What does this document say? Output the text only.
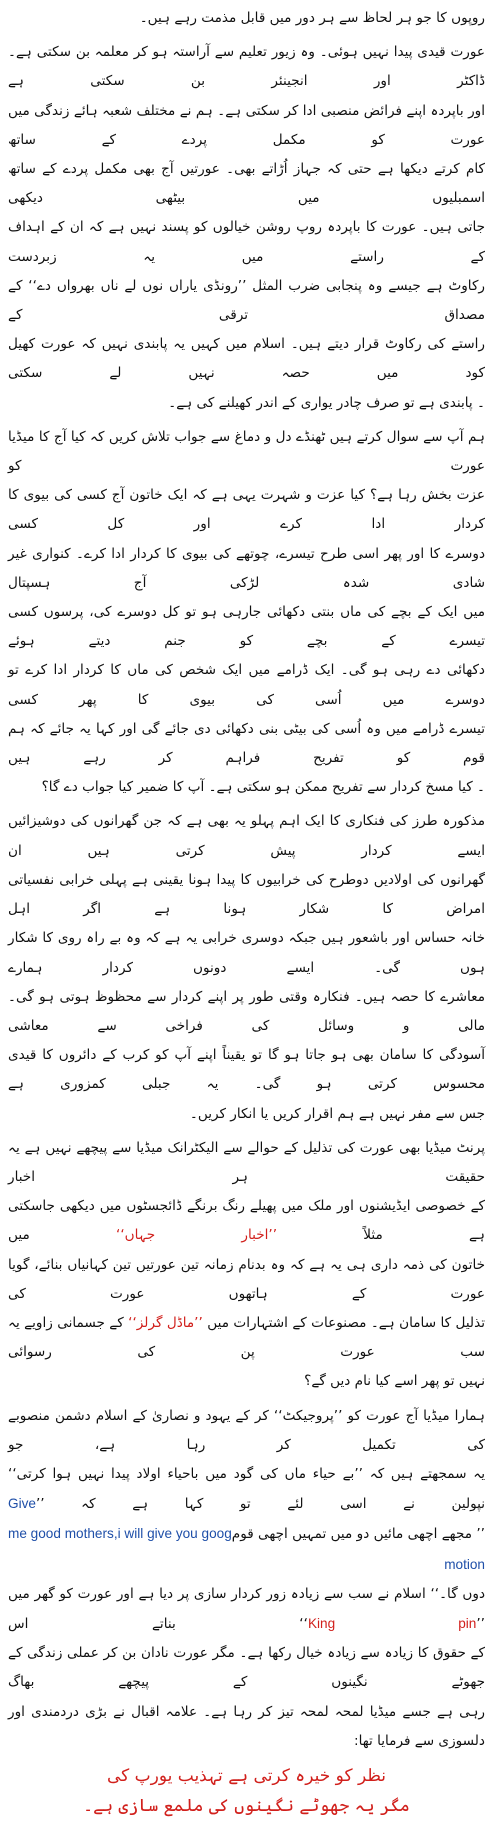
روپوں کا جو ہر لحاظ سے ہر دور میں قابل مذمت رہے ہیں۔

عورت قیدی پیدا نہیں ہوئی۔ وہ زیور تعلیم سے آراستہ ہو کر معلمہ بن سکتی ہے۔ ڈاکٹر اور انجینئر بن سکتی ہے
اور باپردہ اپنے فرائض منصبی ادا کر سکتی ہے۔ ہم نے مختلف شعبہ ہائے زندگی میں عورت کو مکمل پردے کے ساتھ
کام کرتے دیکھا ہے حتی کہ جہاز اُڑاتے بھی۔ عورتیں آج بھی مکمل پردے کے ساتھ اسمبلیوں میں بیٹھی دیکھی
جاتی ہیں۔ عورت کا باپردہ روپ روشن خیالوں کو پسند نہیں ہے کہ ان کے اہداف کے راستے میں یہ زبردست
رکاوٹ ہے جیسے وہ پنجابی ضرب المثل ’’رونڈی یاراں نوں لے ناں بھرواں دے‘‘ کے مصداق ترقی کے
راستے کی رکاوٹ قرار دیتے ہیں۔ اسلام میں کہیں یہ پابندی نہیں کہ عورت کھیل کود میں حصہ نہیں لے سکتی
۔ پابندی ہے تو صرف چادر یواری کے اندر کھیلنے کی ہے۔

ہم آپ سے سوال کرتے ہیں ٹھنڈے دل و دماغ سے جواب تلاش کریں کہ کیا آج کا میڈیا عورت کو
عزت بخش رہا ہے؟ کیا عزت و شہرت یہی ہے کہ ایک خاتون آج کسی کی بیوی کا کردار ادا کرے اور کل کسی
دوسرے کا اور پھر اسی طرح تیسرے، چوتھے کی بیوی کا کردار ادا کرے۔ کنواری غیر شادی شدہ لڑکی آج ہسپتال
میں ایک کے بچے کی ماں بنتی دکھائی جارہی ہو تو کل دوسرے کی، پرسوں کسی تیسرے کے بچے کو جنم دیتے ہوئے
دکھائی دے رہی ہو گی۔ ایک ڈرامے میں ایک شخص کی ماں کا کردار ادا کرے تو دوسرے میں اُسی کی بیوی کا پھر کسی
تیسرے ڈرامے میں وہ اُسی کی بیٹی بنی دکھائی دی جائے گی اور کہا یہ جائے کہ ہم قوم کو تفریح فراہم کر رہے ہیں
۔ کیا مسخ کردار سے تفریح ممکن ہو سکتی ہے۔ آپ کا ضمیر کیا جواب دے گا؟

مذکورہ طرز کی فنکاری کا ایک اہم پہلو یہ بھی ہے کہ جن گھرانوں کی دوشیزائیں ایسے کردار پیش کرتی ہیں ان
گھرانوں کی اولادیں دوطرح کی خرابیوں کا پیدا ہونا یقینی ہے پہلی خرابی نفسیاتی امراض کا شکار ہونا ہے اگر اہل
خانہ حساس اور باشعور ہیں جبکہ دوسری خرابی یہ ہے کہ وہ بے راہ روی کا شکار ہوں گی۔ ایسے دونوں کردار ہمارے
معاشرے کا حصہ ہیں۔ فنکارہ وقتی طور پر اپنے کردار سے محظوظ ہوتی ہو گی۔ مالی و وسائل کی فراخی سے معاشی
آسودگی کا سامان بھی ہو جاتا ہو گا تو یقیناً اپنے آپ کو کرب کے دائروں کا قیدی محسوس کرتی ہو گی۔ یہ جبلی کمزوری ہے
جس سے مفر نہیں ہے ہم اقرار کریں یا انکار کریں۔

پرنٹ میڈیا بھی عورت کی تذلیل کے حوالے سے الیکٹرانک میڈیا سے پیچھے نہیں ہے یہ حقیقت ہر اخبار
کے خصوصی ایڈیشنوں اور ملک میں پھیلے رنگ برنگے ڈائجسٹوں میں دیکھی جاسکتی ہے مثلاً ’’اخبار جہاں‘‘ میں
خاتون کی ذمہ داری ہی یہ ہے کہ وہ بدنام زمانہ تین عورتیں تین کہانیاں بنائے، گویا عورت کے ہاتھوں عورت کی
تذلیل کا سامان ہے۔ مصنوعات کے اشتہارات میں ’’ماڈل گرلز‘‘ کے جسمانی زاویے یہ سب عورت پن کی رسوائی
نہیں تو پھر اسے کیا نام دیں گے؟

ہمارا میڈیا آج عورت کو ’’پروجیکٹ‘‘ کر کے یہود و نصاریٰ کے اسلام دشمن منصوبے کی تکمیل کر رہا ہے، جو
یہ سمجھتے ہیں کہ ’’بے حیاء ماں کی گود میں باحیاء اولاد پیدا نہیں ہوا کرتی‘‘ نپولین نے اسی لئے تو کہا ہے کہ ’’Give
’’ مجھے اچھی مائیں دو میں تمہیں اچھی قومme good mothers,i will give you goog motion
دوں گا۔‘‘ اسلام نے سب سے زیادہ زور کردار سازی پر دیا ہے اور عورت کو گھر میں ’’King pin‘‘ بناتے اس
کے حقوق کا زیادہ سے زیادہ خیال رکھا ہے۔ مگر عورت نادان بن کر عملی زندگی کے جھوٹے نگینوں کے پیچھے بھاگ
رہی ہے جسے میڈیا لمحہ لمحہ تیز کر رہا ہے۔ علامہ اقبال نے بڑی دردمندی اور دلسوزی سے فرمایا تھا:

نظر کو خیرہ کرتی ہے تہذیب یورپ کی
مگر یہ جھوٹے نگینوں کی ملمع سازی ہے۔
